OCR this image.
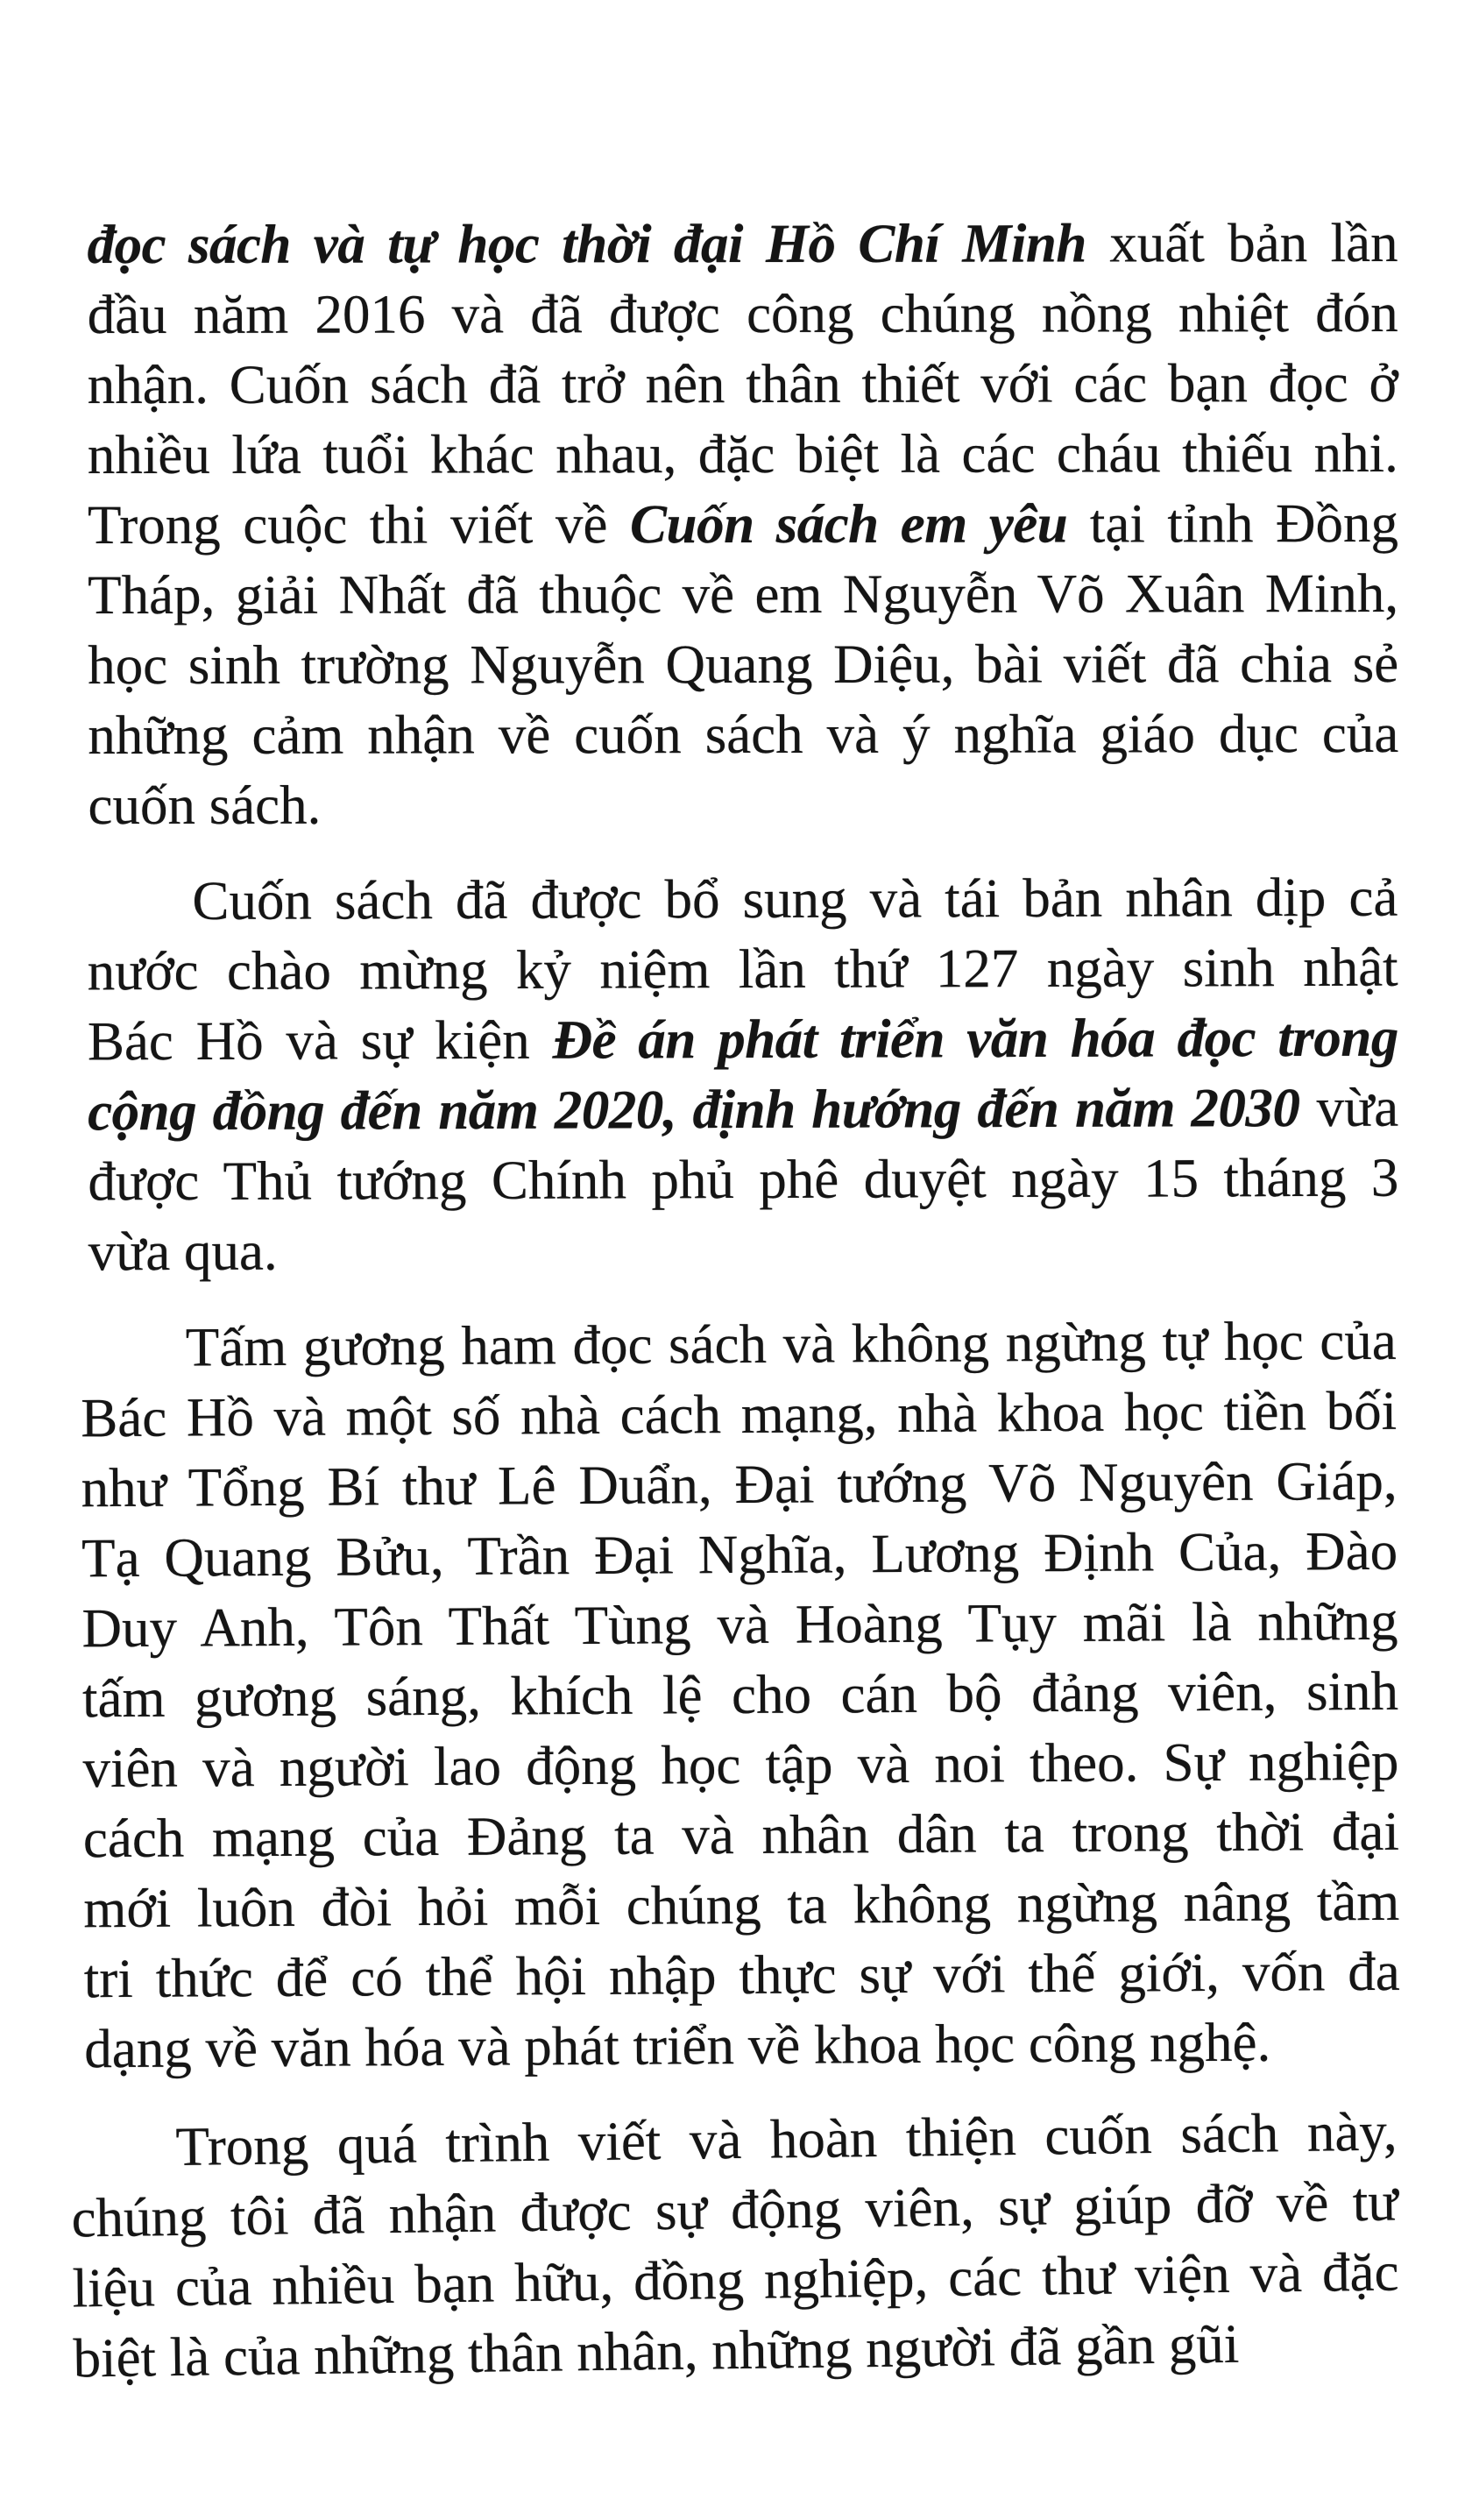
đọc sách và tự học thời đại Hồ Chí Minh xuất bản lần
đầu năm 2016 và đã được công chúng nồng nhiệt đón
nhận. Cuốn sách đã trở nên thân thiết với các bạn đọc ở
nhiều lứa tuổi khác nhau, đặc biệt là các cháu thiếu nhi.
Trong cuộc thi viết về Cuốn sách em yêu tại tỉnh Đồng
Tháp, giải Nhất đã thuộc về em Nguyễn Võ Xuân Minh,
học sinh trường Nguyễn Quang Diệu, bài viết đã chia sẻ
những cảm nhận về cuốn sách và ý nghĩa giáo dục của
cuốn sách.
Cuốn sách đã được bổ sung và tái bản nhân dịp cả
nước chào mừng kỷ niệm lần thứ 127 ngày sinh nhật
Bác Hồ và sự kiện Đề án phát triển văn hóa đọc trong
cộng đồng đến năm 2020, định hướng đến năm 2030 vừa
được Thủ tướng Chính phủ phê duyệt ngày 15 tháng 3
vừa qua.
Tấm gương ham đọc sách và không ngừng tự học của
Bác Hồ và một số nhà cách mạng, nhà khoa học tiền bối
như Tổng Bí thư Lê Duẩn, Đại tướng Võ Nguyên Giáp,
Tạ Quang Bửu, Trần Đại Nghĩa, Lương Định Của, Đào
Duy Anh, Tôn Thất Tùng và Hoàng Tụy mãi là những
tấm gương sáng, khích lệ cho cán bộ đảng viên, sinh
viên và người lao động học tập và noi theo. Sự nghiệp
cách mạng của Đảng ta và nhân dân ta trong thời đại
mới luôn đòi hỏi mỗi chúng ta không ngừng nâng tầm
tri thức để có thể hội nhập thực sự với thế giới, vốn đa
dạng về văn hóa và phát triển về khoa học công nghệ.
Trong quá trình viết và hoàn thiện cuốn sách này,
chúng tôi đã nhận được sự động viên, sự giúp đỡ về tư
liệu của nhiều bạn hữu, đồng nghiệp, các thư viện và đặc
biệt là của những thân nhân, những người đã gần gũi
